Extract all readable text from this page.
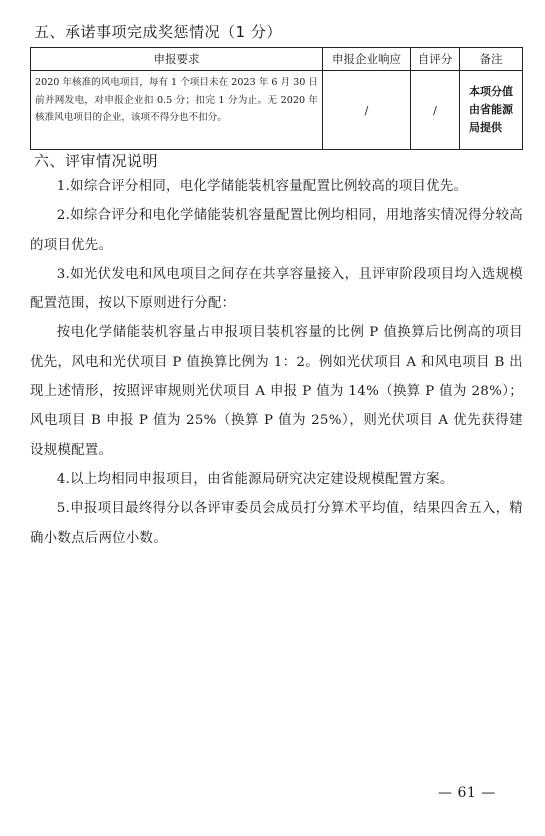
五、承诺事项完成奖惩情况（1 分）
申报要求	申报企业响应	自评分	备注
2020 年核准的风电项目，每有 1 个项目未在 2023 年 6 月 30 日前并网发电，对申报企业扣 0.5 分；扣完 1 分为止。无 2020 年核准风电项目的企业，该项不得分也不扣分。	/	/	本项分值由省能源局提供
六、评审情况说明

1.如综合评分相同，电化学储能装机容量配置比例较高的项目优先。

2.如综合评分和电化学储能装机容量配置比例均相同，用地落实情况得分较高的项目优先。

3.如光伏发电和风电项目之间存在共享容量接入，且评审阶段项目均入选规模配置范围，按以下原则进行分配：

按电化学储能装机容量占申报项目装机容量的比例 P 值换算后比例高的项目优先，风电和光伏项目 P 值换算比例为 1：2。例如光伏项目 A 和风电项目 B 出现上述情形，按照评审规则光伏项目 A 申报 P 值为 14%（换算 P 值为 28%）；风电项目 B 申报 P 值为 25%（换算 P 值为 25%），则光伏项目 A 优先获得建设规模配置。

4.以上均相同申报项目，由省能源局研究决定建设规模配置方案。

5.申报项目最终得分以各评审委员会成员打分算术平均值，结果四舍五入，精确小数点后两位小数。

— 61 —
